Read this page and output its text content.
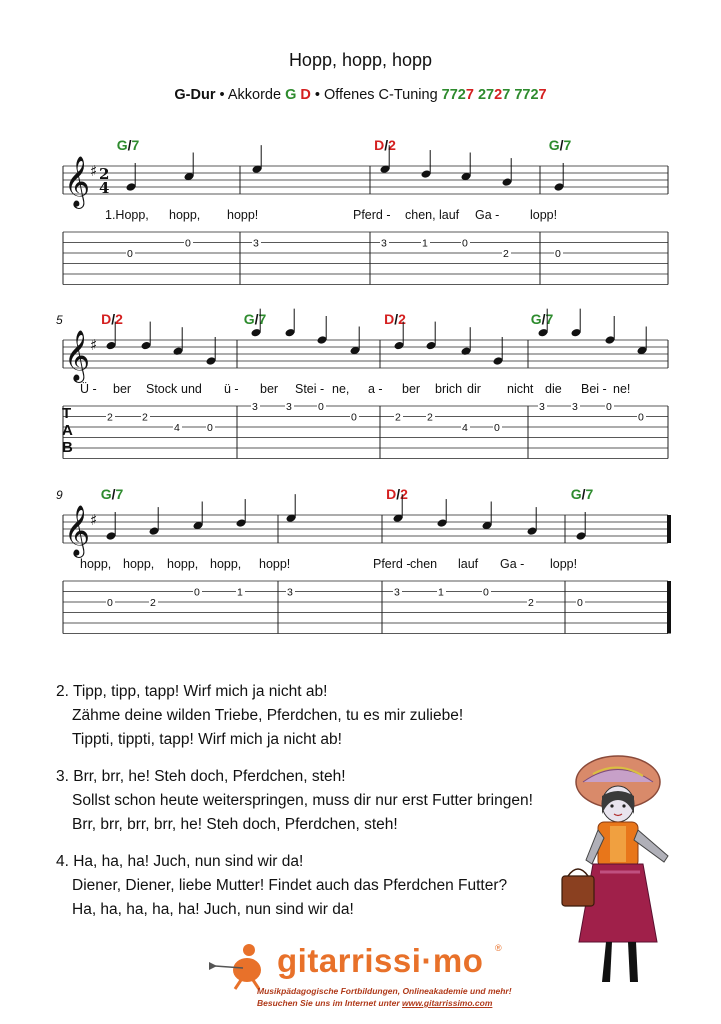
Hopp, hopp, hopp
G-Dur • Akkorde G D • Offenes C-Tuning 7727 2727 7727
𝄞 ♯ 2
4
G/7	D/2	G/7
0
0	3	3	1	0
2	0
1.Hopp, hopp, hopp!	Pferd - chen, lauf Ga - lopp!
5
𝄞 ♯
T
A
B
D/2	G/7	D/2	G/7
2	2
4	0
3	3 0
0	2 2
4 0
3	3	0
0
Ü - ber Stock und ü - ber Stei - ne, a - ber brich dir nicht die Bei - ne!
9
𝄞 ♯
G/7	D/2	G/7
0	2
0	1	3	3	1	0
2	0
hopp, hopp, hopp, hopp, hopp!	Pferd - chen lauf Ga - lopp!
2. Tipp, tipp, tapp! Wirf mich ja nicht ab!
Zähme deine wilden Triebe, Pferdchen, tu es mir zuliebe!
Tippti, tippti, tapp! Wirf mich ja nicht ab!
3. Brr, brr, he! Steh doch, Pferdchen, steh!
Sollst schon heute weiterspringen, muss dir nur erst Futter bringen!
Brr, brr, brr, brr, he! Steh doch, Pferdchen, steh!
4. Ha, ha, ha! Juch, nun sind wir da!
Diener, Diener, liebe Mutter! Findet auch das Pferdchen Futter?
Ha, ha, ha, ha, ha! Juch, nun sind wir da!
gitarrissi·mo ®
Musikpädagogische Fortbildungen, Onlineakademie und mehr!
Besuchen Sie uns im Internet unter www.gitarrissimo.com
